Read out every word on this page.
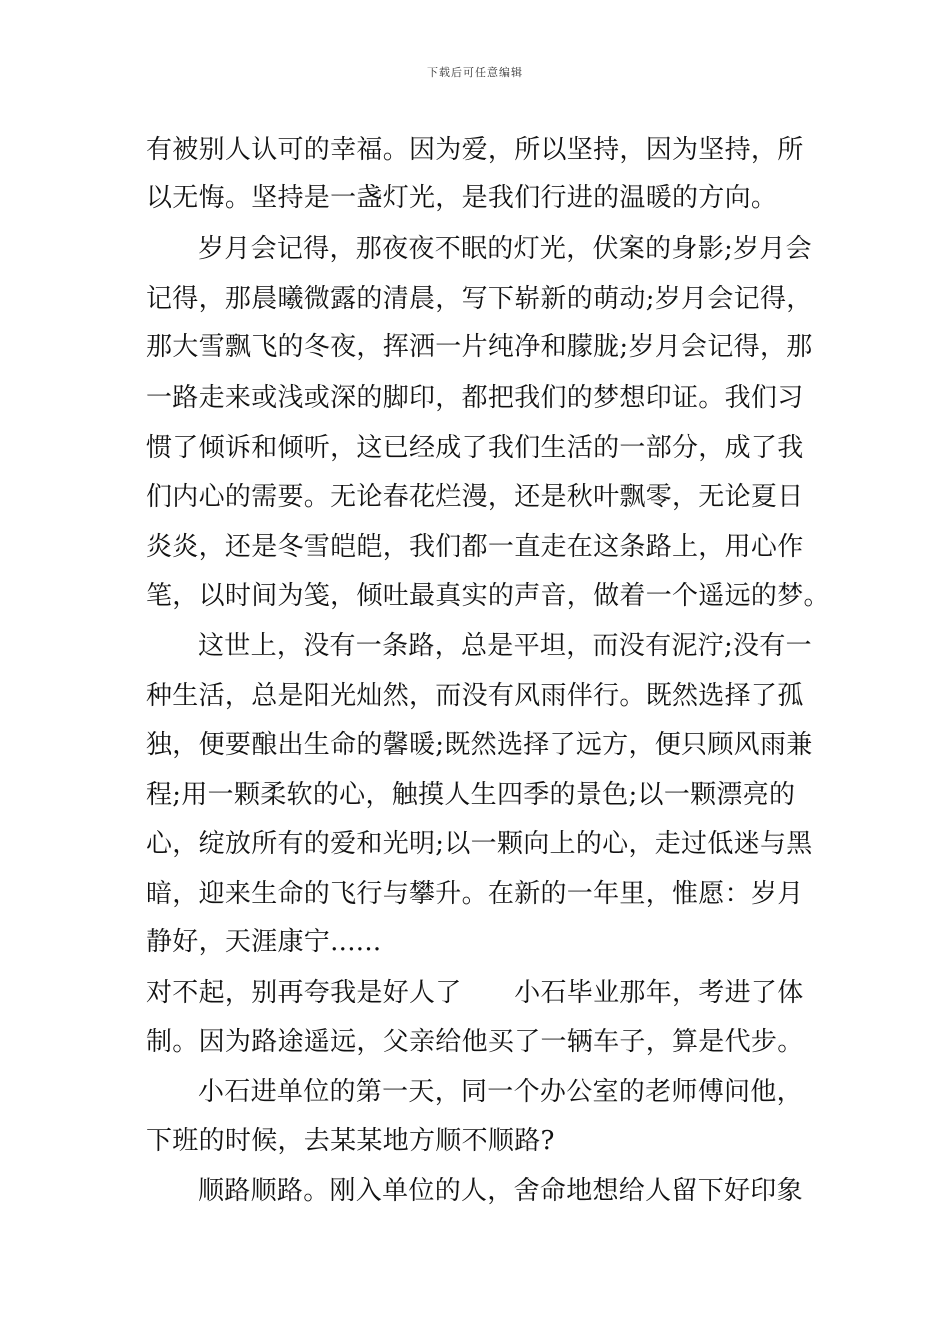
下载后可任意编辑
有被别人认可的幸福。因为爱，所以坚持，因为坚持，所
以无悔。坚持是一盏灯光，是我们行进的温暖的方向。
岁月会记得，那夜夜不眠的灯光，伏案的身影;岁月会
记得，那晨曦微露的清晨，写下崭新的萌动;岁月会记得，
那大雪飘飞的冬夜，挥洒一片纯净和朦胧;岁月会记得，那
一路走来或浅或深的脚印，都把我们的梦想印证。我们习
惯了倾诉和倾听，这已经成了我们生活的一部分，成了我
们内心的需要。无论春花烂漫，还是秋叶飘零，无论夏日
炎炎，还是冬雪皑皑，我们都一直走在这条路上，用心作
笔，以时间为笺，倾吐最真实的声音，做着一个遥远的梦。
这世上，没有一条路，总是平坦，而没有泥泞;没有一
种生活，总是阳光灿然，而没有风雨伴行。既然选择了孤
独，便要酿出生命的馨暖;既然选择了远方，便只顾风雨兼
程;用一颗柔软的心，触摸人生四季的景色;以一颗漂亮的
心，绽放所有的爱和光明;以一颗向上的心，走过低迷与黑
暗，迎来生命的飞行与攀升。在新的一年里，惟愿：岁月
静好，天涯康宁......
对不起，别再夸我是好人了　　小石毕业那年，考进了体
制。因为路途遥远，父亲给他买了一辆车子，算是代步。
小石进单位的第一天，同一个办公室的老师傅问他，
下班的时候，去某某地方顺不顺路?
顺路顺路。刚入单位的人，舍命地想给人留下好印象
